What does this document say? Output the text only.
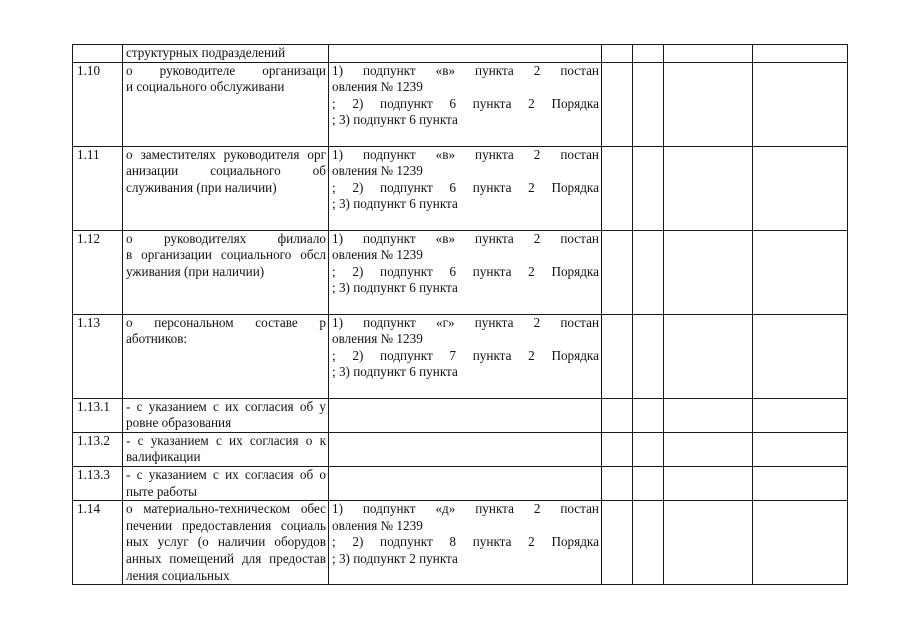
	структурных подразделений					

1.10	о руководителе организаци
и социального обслуживани	1) подпункт «в» пункта 2 постан
овления № 1239
; 2) подпункт 6 пункта 2 Порядка
; 3) подпункт 6 пункта				

1.11	о заместителях руководителя орг
анизации социального об
служивания (при наличии)	1) подпункт «в» пункта 2 постан
овления № 1239
; 2) подпункт 6 пункта 2 Порядка
; 3) подпункт 6 пункта				

1.12	о руководителях филиало
в организации социального обсл
уживания (при наличии)	1) подпункт «в» пункта 2 постан
овления № 1239
; 2) подпункт 6 пункта 2 Порядка
; 3) подпункт 6 пункта				

1.13	о персональном составе р
аботников:	1) подпункт «г» пункта 2 постан
овления № 1239
; 2) подпункт 7 пункта 2 Порядка
; 3) подпункт 6 пункта				

1.13.1	- с указанием с их согласия об у
ровне образования					

1.13.2	- с указанием с их согласия о к
валификации					

1.13.3	- с указанием с их согласия об о
пыте работы					

1.14	о материально-техническом обес
печении предоставления социаль
ных услуг (о наличии оборудов
анных помещений для предостав
ления социальных	1) подпункт «д» пункта 2 постан
овления № 1239
; 2) подпункт 8 пункта 2 Порядка
; 3) подпункт 2 пункта				
